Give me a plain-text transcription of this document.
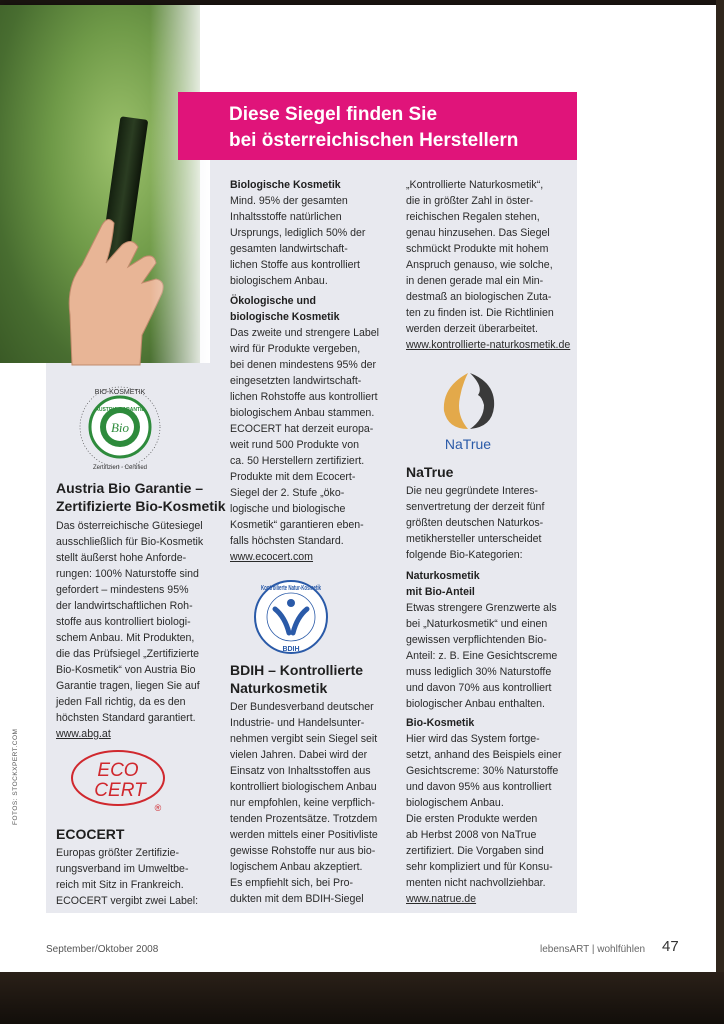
Diese Siegel finden Sie
bei österreichischen Herstellern
FOTOS: STOCKXPERT.COM
Bio
BIO-KOSMETIK
Zertifiziert · Certified
AUSTRIA GARANTIE
Austria Bio Garantie – Zertifizierte Bio-Kosmetik

Das österreichische Gütesiegel

ausschließlich für Bio-Kosmetik

stellt äußerst hohe Anforde-

rungen: 100% Naturstoffe sind

gefordert – mindestens 95%

der landwirtschaftlichen Roh-

stoffe aus kontrolliert biologi-

schem Anbau. Mit Produkten,

die das Prüfsiegel „Zertifizierte

Bio-Kosmetik“ von Austria Bio

Garantie tragen, liegen Sie auf

jeden Fall richtig, da es den

höchsten Standard garantiert.

www.abg.at

ECO
CERT
®
ECOCERT

Europas größter Zertifizie-

rungsverband im Umweltbe-

reich mit Sitz in Frankreich.

ECOCERT vergibt zwei Label:

Biologische Kosmetik

Mind. 95% der gesamten

Inhaltsstoffe natürlichen

Ursprungs, lediglich 50% der

gesamten landwirtschaft-

lichen Stoffe aus kontrolliert

biologischem Anbau.

Ökologische und

biologische Kosmetik

Das zweite und strengere Label

wird für Produkte vergeben,

bei denen mindestens 95% der

eingesetzten landwirtschaft-

lichen Rohstoffe aus kontrolliert

biologischem Anbau stammen.

ECOCERT hat derzeit europa-

weit rund 500 Produkte von

ca. 50 Herstellern zertifiziert.

Produkte mit dem Ecocert-

Siegel der 2. Stufe „öko-

logische und biologische

Kosmetik“ garantieren eben-

falls höchsten Standard.

www.ecocert.com

Kontrollierte Natur-Kosmetik
BDIH
BDIH – Kontrollierte
Naturkosmetik

Der Bundesverband deutscher

Industrie- und Handelsunter-

nehmen vergibt sein Siegel seit

vielen Jahren. Dabei wird der

Einsatz von Inhaltsstoffen aus

kontrolliert biologischem Anbau

nur empfohlen, keine verpflich-

tenden Prozentsätze. Trotzdem

werden mittels einer Positivliste

gewisse Rohstoffe nur aus bio-

logischem Anbau akzeptiert.

Es empfiehlt sich, bei Pro-

dukten mit dem BDIH-Siegel

„Kontrollierte Naturkosmetik“,

die in größter Zahl in öster-

reichischen Regalen stehen,

genau hinzusehen. Das Siegel

schmückt Produkte mit hohem

Anspruch genauso, wie solche,

in denen gerade mal ein Min-

destmaß an biologischen Zuta-

ten zu finden ist. Die Richtlinien

werden derzeit überarbeitet.

www.kontrollierte-naturkosmetik.de

NaTrue
NaTrue

Die neu gegründete Interes-

senvertretung der derzeit fünf

größten deutschen Naturkos-

metikhersteller unterscheidet

folgende Bio-Kategorien:

Naturkosmetik

mit Bio-Anteil

Etwas strengere Grenzwerte als

bei „Naturkosmetik“ und einen

gewissen verpflichtenden Bio-

Anteil: z. B. Eine Gesichtscreme

muss lediglich 30% Naturstoffe

und davon 70% aus kontrolliert

biologischer Anbau enthalten.

Bio-Kosmetik

Hier wird das System fortge-

setzt, anhand des Beispiels einer

Gesichtscreme: 30% Naturstoffe

und davon 95% aus kontrolliert

biologischem Anbau.

Die ersten Produkte werden

ab Herbst 2008 von NaTrue

zertifiziert. Die Vorgaben sind

sehr kompliziert und für Konsu-

menten nicht nachvollziehbar.

www.natrue.de

September/Oktober 2008	lebensART | wohlfühlen 47
